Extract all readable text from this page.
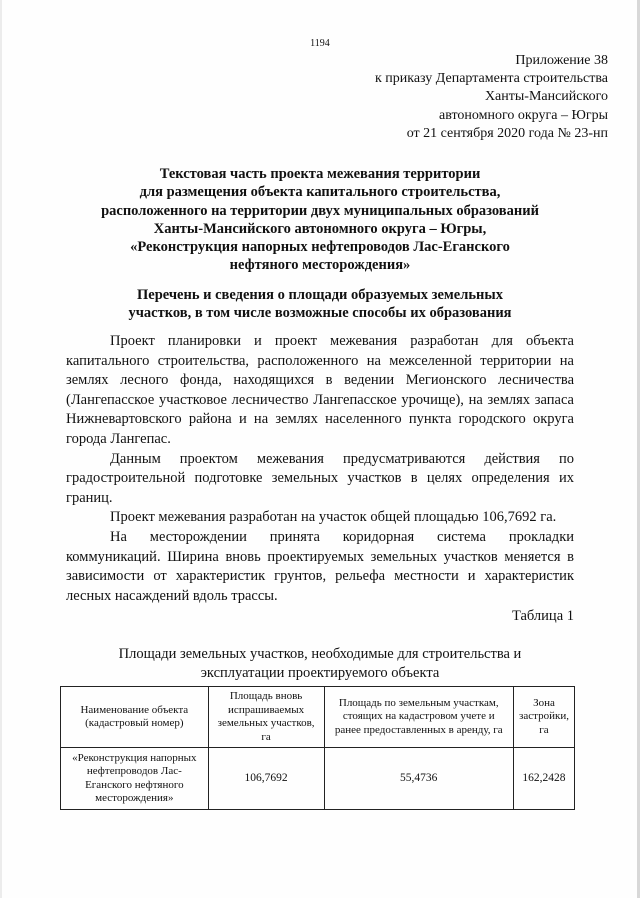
1194
Приложение 38
к приказу Департамента строительства
Ханты-Мансийского
автономного округа – Югры
от 21 сентября 2020 года № 23-нп
Текстовая часть проекта межевания территории
для размещения объекта капитального строительства,
расположенного на территории двух муниципальных образований
Ханты-Мансийского автономного округа – Югры,
«Реконструкция напорных нефтепроводов Лас-Еганского
нефтяного месторождения»
Перечень и сведения о площади образуемых земельных
участков, в том числе возможные способы их образования

Проект планировки и проект межевания разработан для объекта капитального строительства, расположенного на межселенной территории на землях лесного фонда, находящихся в ведении Мегионского лесничества (Лангепасское участковое лесничество Лангепасское урочище), на землях запаса Нижневартовского района и на землях населенного пункта городского округа города Лангепас.

Данным проектом межевания предусматриваются действия по градостроительной подготовке земельных участков в целях определения их границ.

Проект межевания разработан на участок общей площадью 106,7692 га.

На месторождении принята коридорная система прокладки коммуникаций. Ширина вновь проектируемых земельных участков меняется в зависимости от характеристик грунтов, рельефа местности и характеристик лесных насаждений вдоль трассы.

Таблица 1
Площади земельных участков, необходимые для строительства и
эксплуатации проектируемого объекта
Наименование объекта (кадастровый номер)	Площадь вновь испрашиваемых земельных участков, га	Площадь по земельным участкам, стоящих на кадастровом учете и ранее предоставленных в аренду, га	Зона застройки, га
«Реконструкция напорных нефтепроводов Лас-Еганского нефтяного месторождения»	106,7692	55,4736	162,2428
